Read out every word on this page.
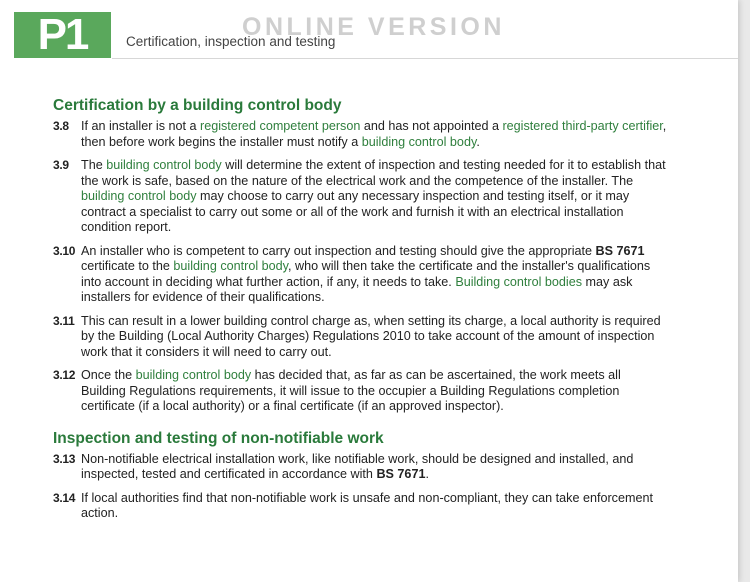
P1	Certification, inspection and testing
ONLINE VERSION
Certification by a building control body
3.8 If an installer is not a registered competent person and has not appointed a registered third-party certifier, then before work begins the installer must notify a building control body.
3.9 The building control body will determine the extent of inspection and testing needed for it to establish that the work is safe, based on the nature of the electrical work and the competence of the installer. The building control body may choose to carry out any necessary inspection and testing itself, or it may contract a specialist to carry out some or all of the work and furnish it with an electrical installation condition report.
3.10 An installer who is competent to carry out inspection and testing should give the appropriate BS 7671 certificate to the building control body, who will then take the certificate and the installer's qualifications into account in deciding what further action, if any, it needs to take. Building control bodies may ask installers for evidence of their qualifications.
3.11 This can result in a lower building control charge as, when setting its charge, a local authority is required by the Building (Local Authority Charges) Regulations 2010 to take account of the amount of inspection work that it considers it will need to carry out.
3.12 Once the building control body has decided that, as far as can be ascertained, the work meets all Building Regulations requirements, it will issue to the occupier a Building Regulations completion certificate (if a local authority) or a final certificate (if an approved inspector).
Inspection and testing of non-notifiable work
3.13 Non-notifiable electrical installation work, like notifiable work, should be designed and installed, and inspected, tested and certificated in accordance with BS 7671.
3.14 If local authorities find that non-notifiable work is unsafe and non-compliant, they can take enforcement action.
